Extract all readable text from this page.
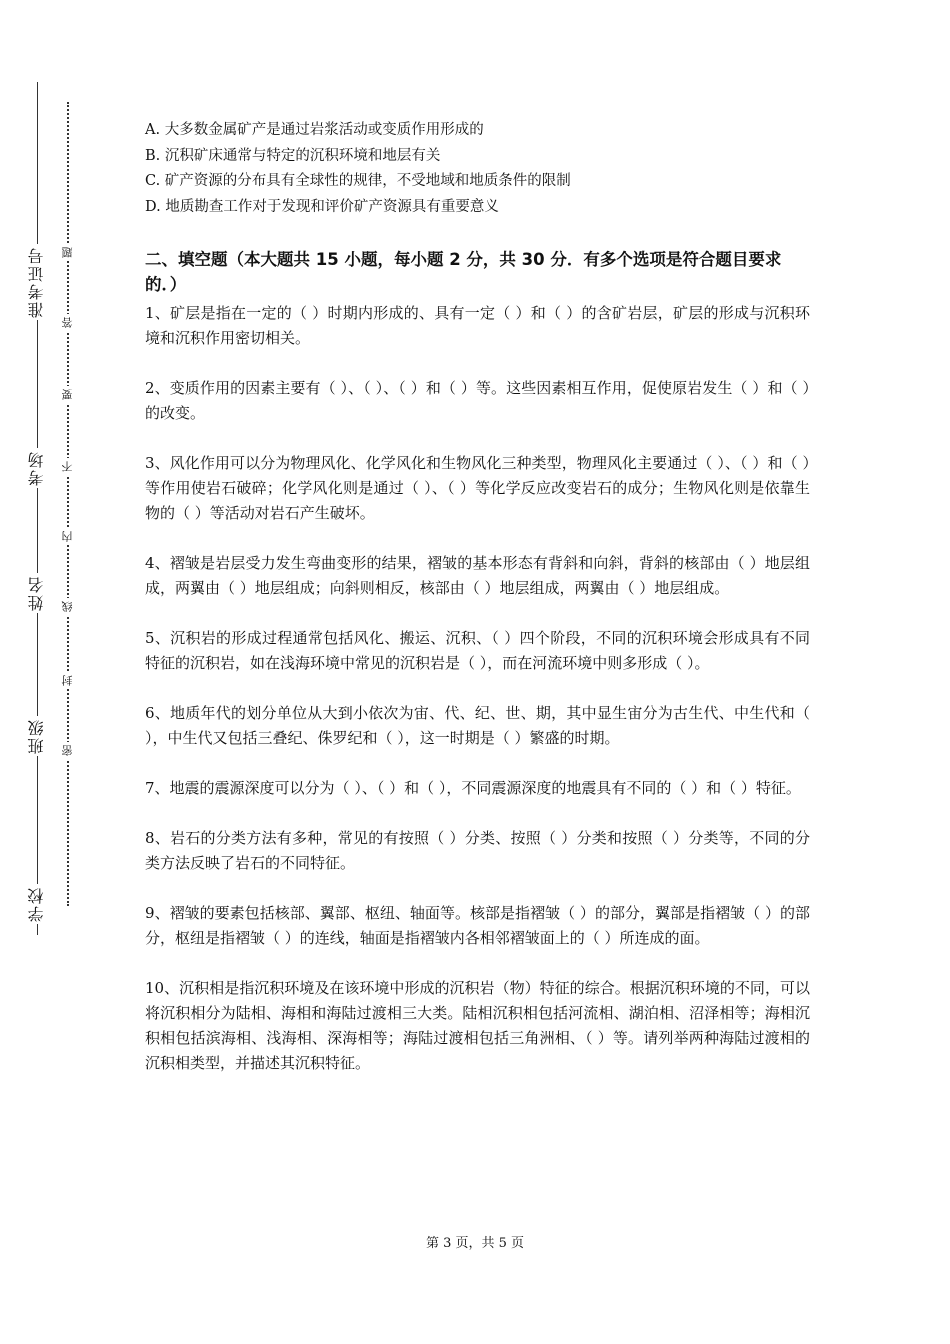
准考证号
考场
姓名
班级
学校
题
答
要
不
内
线
封
密

A. 大多数金属矿产是通过岩浆活动或变质作用形成的

B. 沉积矿床通常与特定的沉积环境和地层有关

C. 矿产资源的分布具有全球性的规律，不受地域和地质条件的限制

D. 地质勘查工作对于发现和评价矿产资源具有重要意义

二、填空题（本大题共 15 小题，每小题 2 分，共 30 分．有多个选项是符合题目要求的．）

1、矿层是指在一定的（ ）时期内形成的、具有一定（ ）和（ ）的含矿岩层，矿层的形成与沉积环境和沉积作用密切相关。

2、变质作用的因素主要有（ ）、（ ）、（ ）和（ ）等。这些因素相互作用，促使原岩发生（ ）和（ ）的改变。

3、风化作用可以分为物理风化、化学风化和生物风化三种类型，物理风化主要通过（ ）、（ ）和（ ）等作用使岩石破碎；化学风化则是通过（ ）、（ ）等化学反应改变岩石的成分；生物风化则是依靠生物的（ ）等活动对岩石产生破坏。

4、褶皱是岩层受力发生弯曲变形的结果，褶皱的基本形态有背斜和向斜，背斜的核部由（ ）地层组成，两翼由（ ）地层组成；向斜则相反，核部由（ ）地层组成，两翼由（ ）地层组成。

5、沉积岩的形成过程通常包括风化、搬运、沉积、（ ）四个阶段，不同的沉积环境会形成具有不同特征的沉积岩，如在浅海环境中常见的沉积岩是（ ），而在河流环境中则多形成（ ）。

6、地质年代的划分单位从大到小依次为宙、代、纪、世、期，其中显生宙分为古生代、中生代和（ ），中生代又包括三叠纪、侏罗纪和（ ），这一时期是（ ）繁盛的时期。

7、地震的震源深度可以分为（ ）、（ ）和（ ），不同震源深度的地震具有不同的（ ）和（ ）特征。

8、岩石的分类方法有多种，常见的有按照（ ）分类、按照（ ）分类和按照（ ）分类等，不同的分类方法反映了岩石的不同特征。

9、褶皱的要素包括核部、翼部、枢纽、轴面等。核部是指褶皱（ ）的部分，翼部是指褶皱（ ）的部分，枢纽是指褶皱（ ）的连线，轴面是指褶皱内各相邻褶皱面上的（ ）所连成的面。

10、沉积相是指沉积环境及在该环境中形成的沉积岩（物）特征的综合。根据沉积环境的不同，可以将沉积相分为陆相、海相和海陆过渡相三大类。陆相沉积相包括河流相、湖泊相、沼泽相等；海相沉积相包括滨海相、浅海相、深海相等；海陆过渡相包括三角洲相、（ ）等。请列举两种海陆过渡相的沉积相类型，并描述其沉积特征。

第 3 页，共 5 页
